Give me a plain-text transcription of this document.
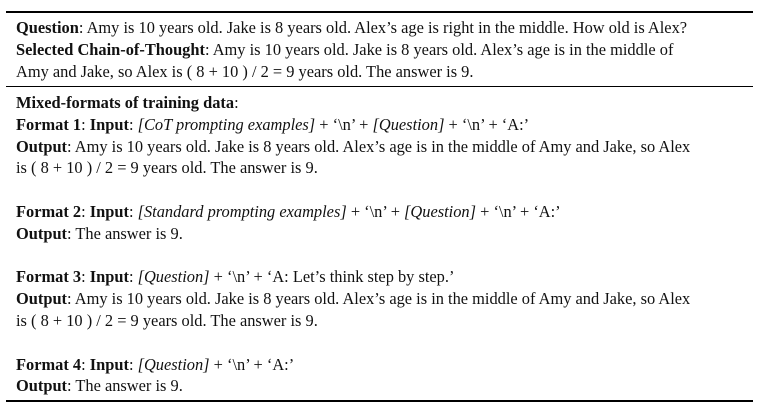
Question: Amy is 10 years old. Jake is 8 years old. Alex’s age is right in the middle. How old is Alex?
Selected Chain-of-Thought: Amy is 10 years old. Jake is 8 years old. Alex’s age is in the middle of
Amy and Jake, so Alex is ( 8 + 10 ) / 2 = 9 years old. The answer is 9.
Mixed-formats of training data:
Format 1: Input: [CoT prompting examples] + ‘\n’ + [Question] + ‘\n’ + ‘A:’
Output: Amy is 10 years old. Jake is 8 years old. Alex’s age is in the middle of Amy and Jake, so Alex
is ( 8 + 10 ) / 2 = 9 years old. The answer is 9.
Format 2: Input: [Standard prompting examples] + ‘\n’ + [Question] + ‘\n’ + ‘A:’
Output: The answer is 9.
Format 3: Input: [Question] + ‘\n’ + ‘A: Let’s think step by step.’
Output: Amy is 10 years old. Jake is 8 years old. Alex’s age is in the middle of Amy and Jake, so Alex
is ( 8 + 10 ) / 2 = 9 years old. The answer is 9.
Format 4: Input: [Question] + ‘\n’ + ‘A:’
Output: The answer is 9.
